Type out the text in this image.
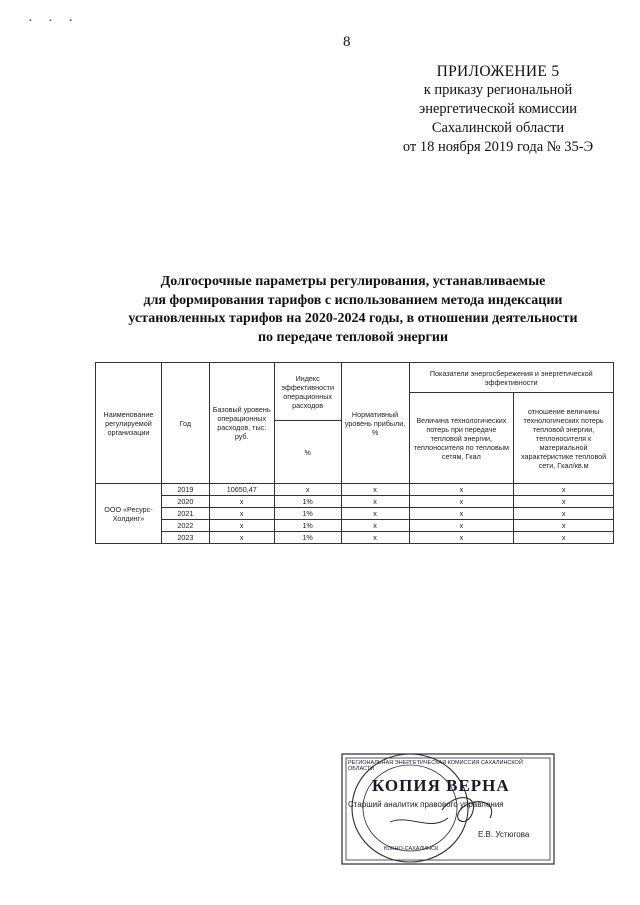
· · ·
8
ПРИЛОЖЕНИЕ 5
к приказу региональной
энергетической комиссии
Сахалинской области
от 18 ноября 2019 года № 35-Э
Долгосрочные параметры регулирования, устанавливаемые
для формирования тарифов с использованием метода индексации
установленных тарифов на 2020-2024 годы, в отношении деятельности
по передаче тепловой энергии
Наименование регулируемой организации	Год	Базовый уровень операционных расходов, тыс. руб.	Индекс эффективности операционных расходов	Нормативный уровень прибыли, %	Показатели энергосбережения и энергетической эффективности	
					Величина технологических потерь при передаче тепловой энергии, теплоносителя по тепловым сетям, Гкал	отношение величины технологических потерь тепловой энергии, теплоносителя к материальной характеристике тепловой сети, Гкал/кв.м
			%			
ООО «Ресурс-Холдинг»	2019	10650,47	x	x	x	x
	2020	x	1%	x	x	x
	2021	x	1%	x	x	x
	2022	x	1%	x	x	x
	2023	x	1%	x	x	x
РЕГИОНАЛЬНАЯ ЭНЕРГЕТИЧЕСКАЯ КОМИССИЯ САХАЛИНСКОЙ ОБЛАСТИ
КОПИЯ ВЕРНА
Старший аналитик правового управления
Е.В. Устюгова
ЮЖНО-САХАЛИНСК
